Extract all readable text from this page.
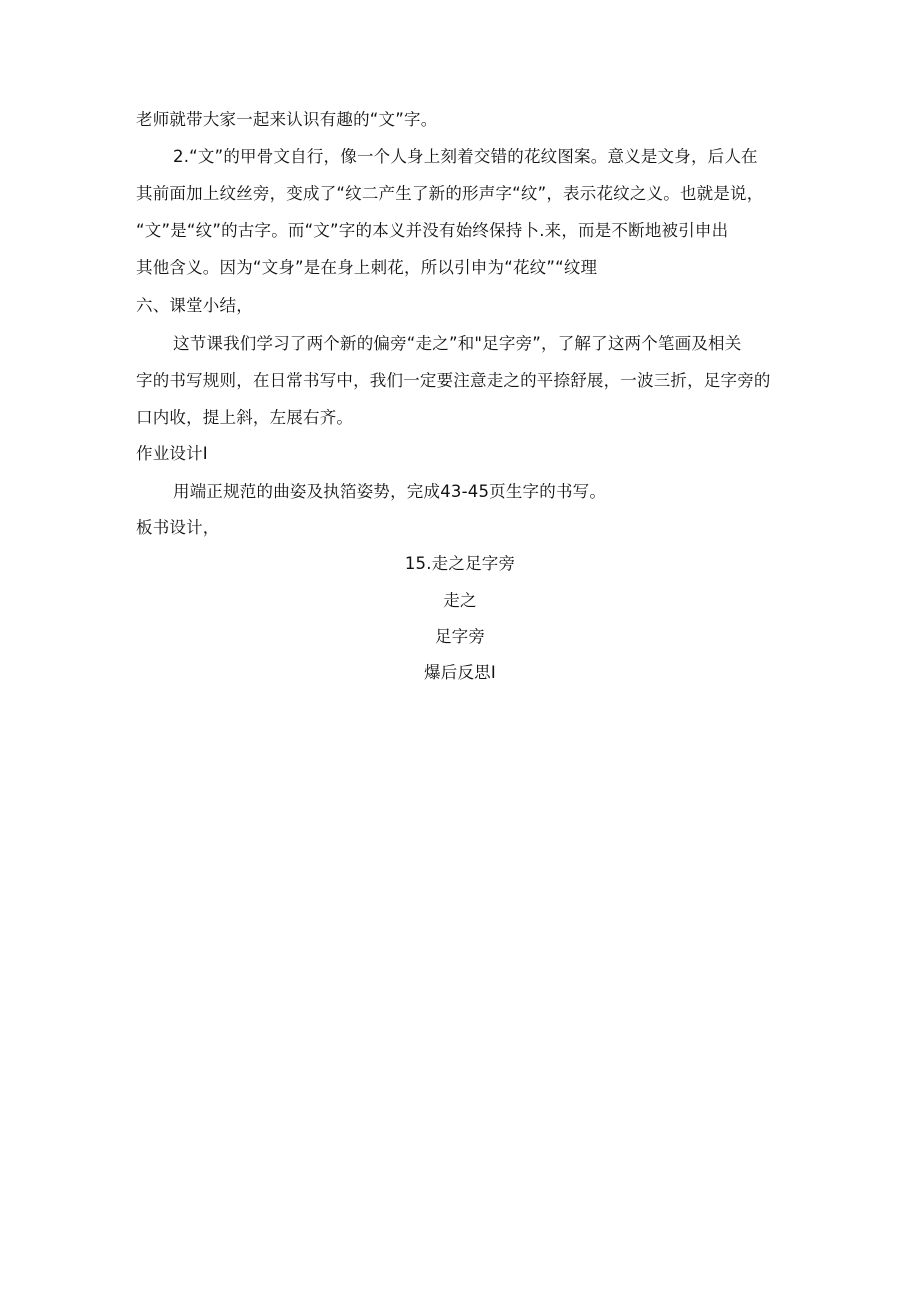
老师就带大家一起来认识有趣的“文”字。
2.“文”的甲骨文自行，像一个人身上刻着交错的花纹图案。意义是文身，后人在
其前面加上纹丝旁，变成了“纹二产生了新的形声字“纹”，表示花纹之义。也就是说，
“文”是“纹”的古字。而“文”字的本义并没有始终保持卜.来，而是不断地被引申出
其他含义。因为“文身”是在身上刺花，所以引申为“花纹”“纹理
六、课堂小结，
这节课我们学习了两个新的偏旁“走之”和"足字旁”，了解了这两个笔画及相关
字的书写规则，在日常书写中，我们一定要注意走之的平捺舒展，一波三折，足字旁的
口内收，提上斜，左展右齐。
作业设计I
用端正规范的曲姿及执箔姿势，完成43-45页生字的书写。
板书设计，
15.走之足字旁
走之
足字旁
爆后反思I
